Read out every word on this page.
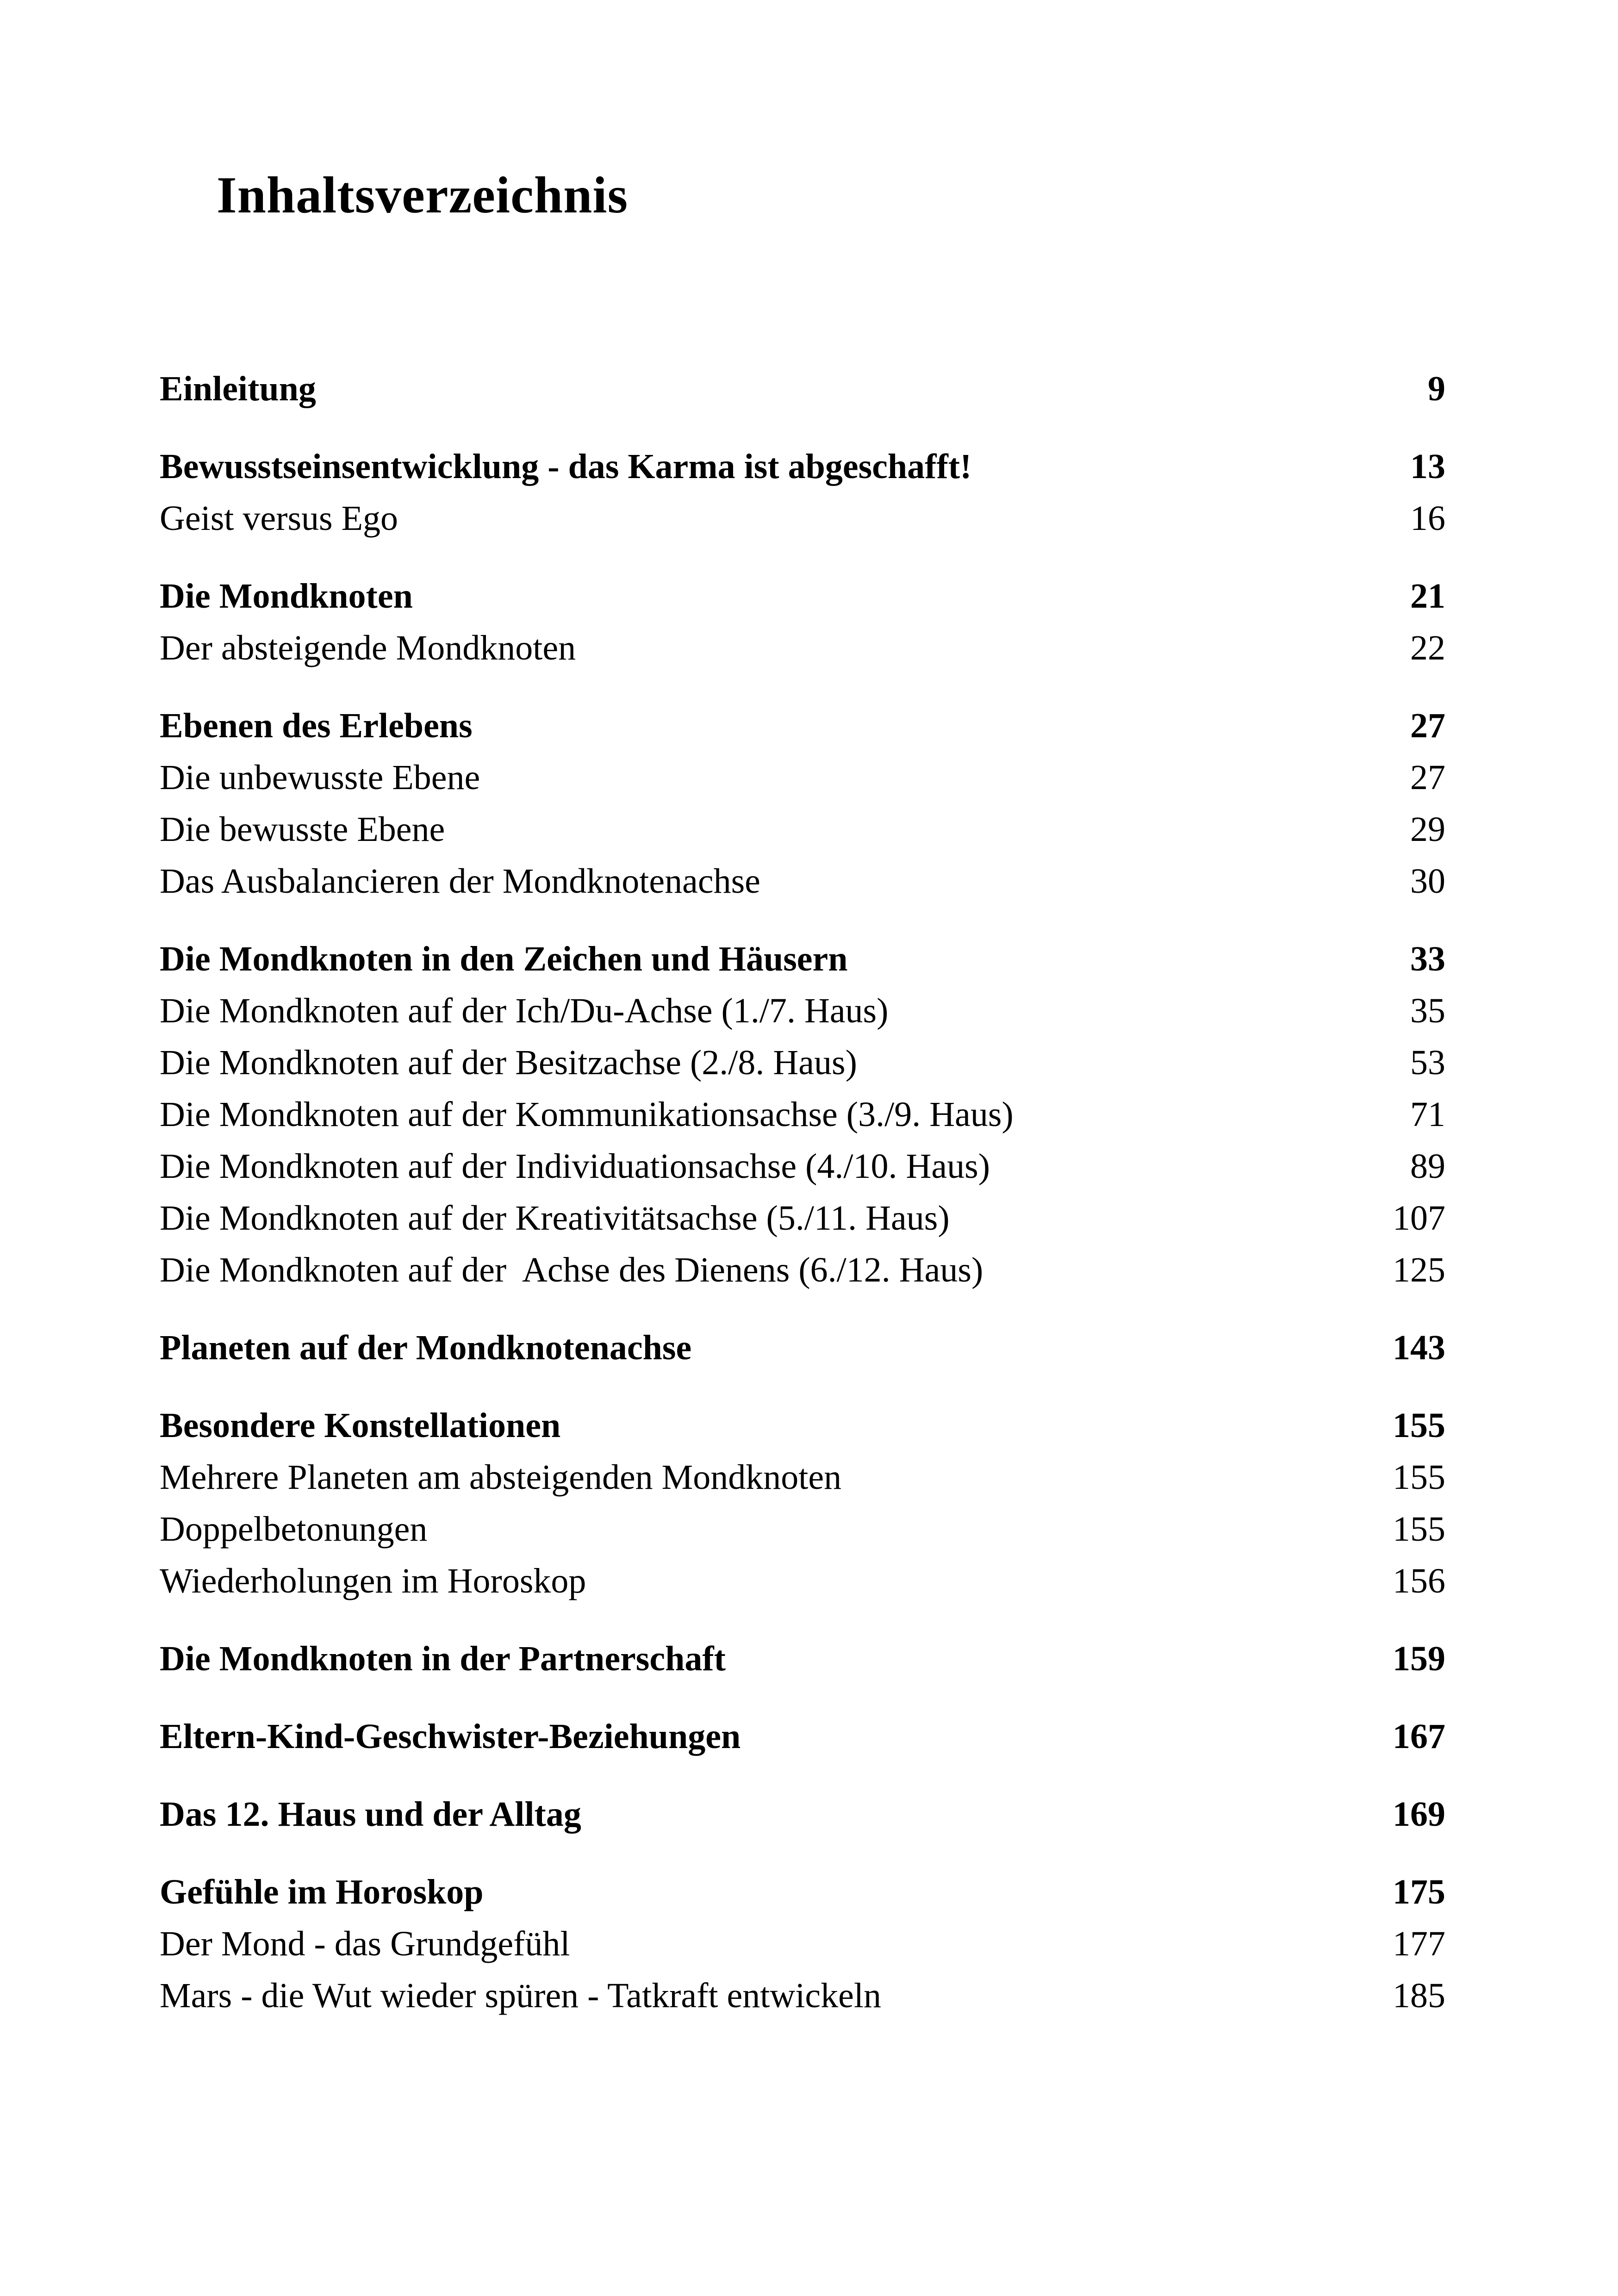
Inhaltsverzeichnis
Einleitung	9
Bewusstseinsentwicklung - das Karma ist abgeschafft!	13
Geist versus Ego	16
Die Mondknoten	21
Der absteigende Mondknoten	22
Ebenen des Erlebens	27
Die unbewusste Ebene	27
Die bewusste Ebene	29
Das Ausbalancieren der Mondknotenachse	30
Die Mondknoten in den Zeichen und Häusern	33
Die Mondknoten auf der Ich/Du-Achse (1./7. Haus)	35
Die Mondknoten auf der Besitzachse (2./8. Haus)	53
Die Mondknoten auf der Kommunikationsachse (3./9. Haus)	71
Die Mondknoten auf der Individuationsachse (4./10. Haus)	89
Die Mondknoten auf der Kreativitätsachse (5./11. Haus)	107
Die Mondknoten auf der  Achse des Dienens (6./12. Haus)	125
Planeten auf der Mondknotenachse	143
Besondere Konstellationen	155
Mehrere Planeten am absteigenden Mondknoten	155
Doppelbetonungen	155
Wiederholungen im Horoskop	156
Die Mondknoten in der Partnerschaft	159
Eltern-Kind-Geschwister-Beziehungen	167
Das 12. Haus und der Alltag	169
Gefühle im Horoskop	175
Der Mond - das Grundgefühl	177
Mars - die Wut wieder spüren - Tatkraft entwickeln	185
